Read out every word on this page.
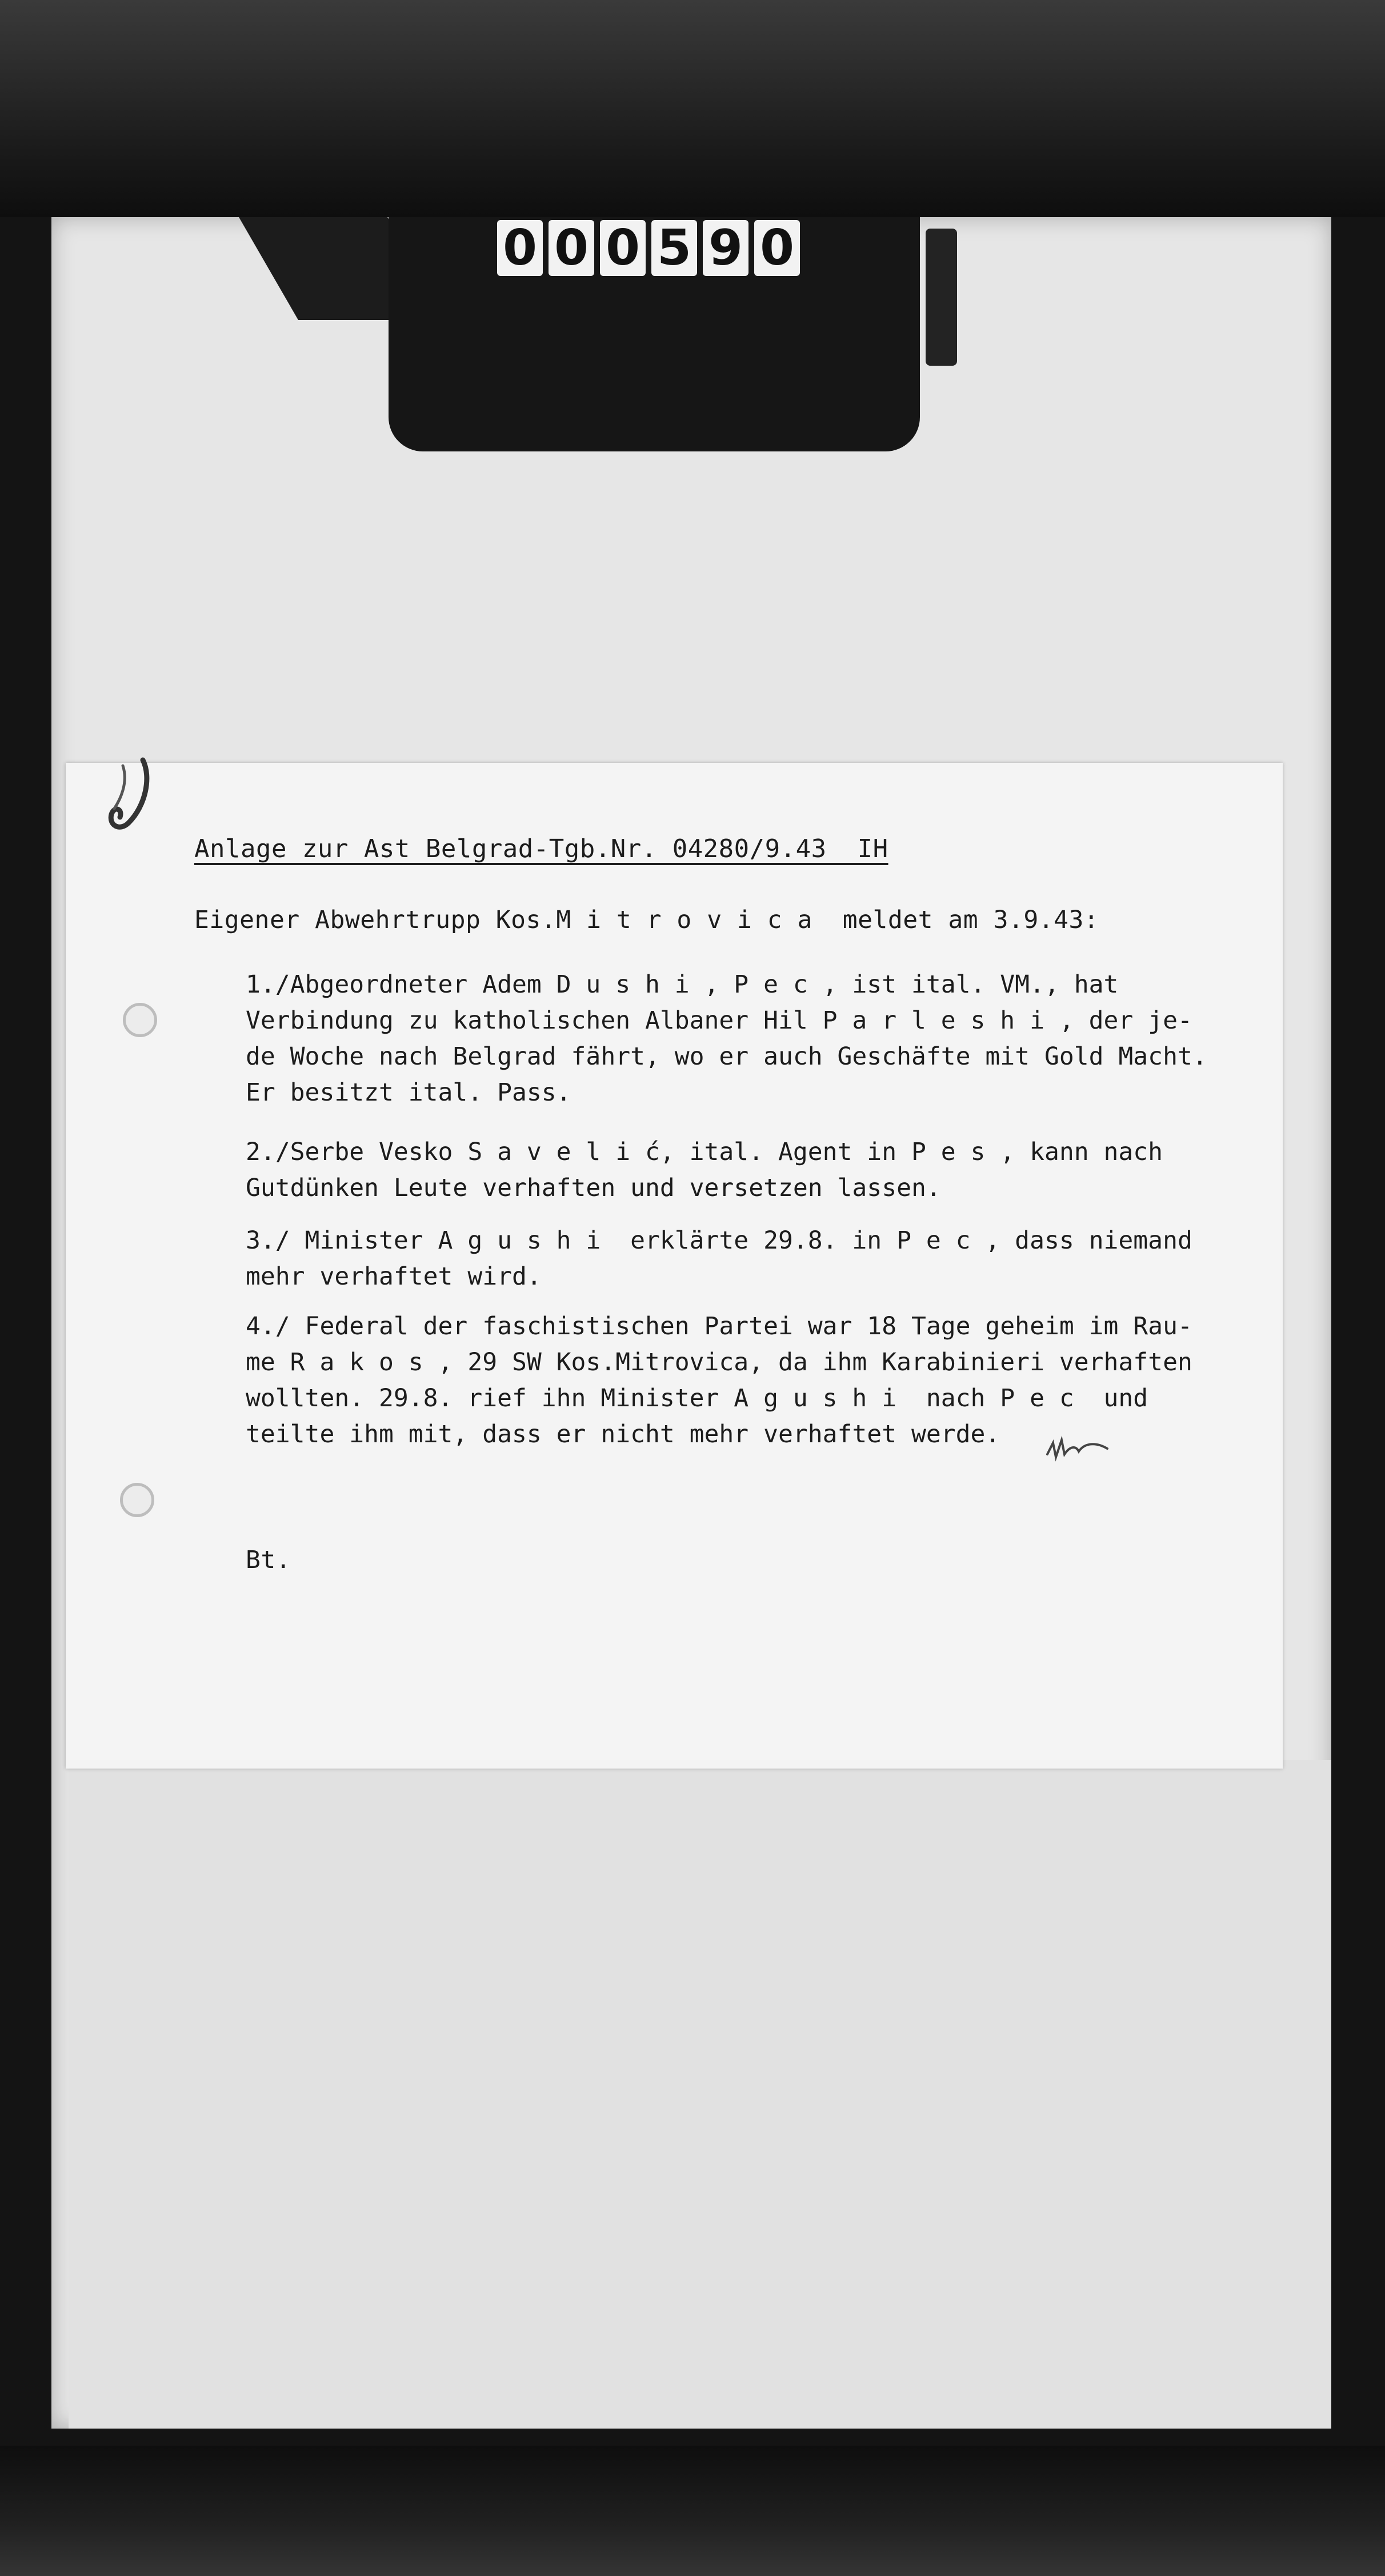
0 0 0 5 9 0
Anlage zur Ast Belgrad-Tgb.Nr. 04280/9.43  IH
Eigener Abwehrtrupp Kos.M i t r o v i c a  meldet am 3.9.43:
1./Abgeordneter Adem D u s h i , P e c , ist ital. VM., hat
Verbindung zu katholischen Albaner Hil P a r l e s h i , der je-
de Woche nach Belgrad fährt, wo er auch Geschäfte mit Gold Macht.
Er besitzt ital. Pass.
2./Serbe Vesko S a v e l i ć, ital. Agent in P e s , kann nach
Gutdünken Leute verhaften und versetzen lassen.
3./ Minister A g u s h i  erklärte 29.8. in P e c , dass niemand
mehr verhaftet wird.
4./ Federal der faschistischen Partei war 18 Tage geheim im Rau-
me R a k o s , 29 SW Kos.Mitrovica, da ihm Karabinieri verhaften
wollten. 29.8. rief ihn Minister A g u s h i  nach P e c  und
teilte ihm mit, dass er nicht mehr verhaftet werde.
Bt.
